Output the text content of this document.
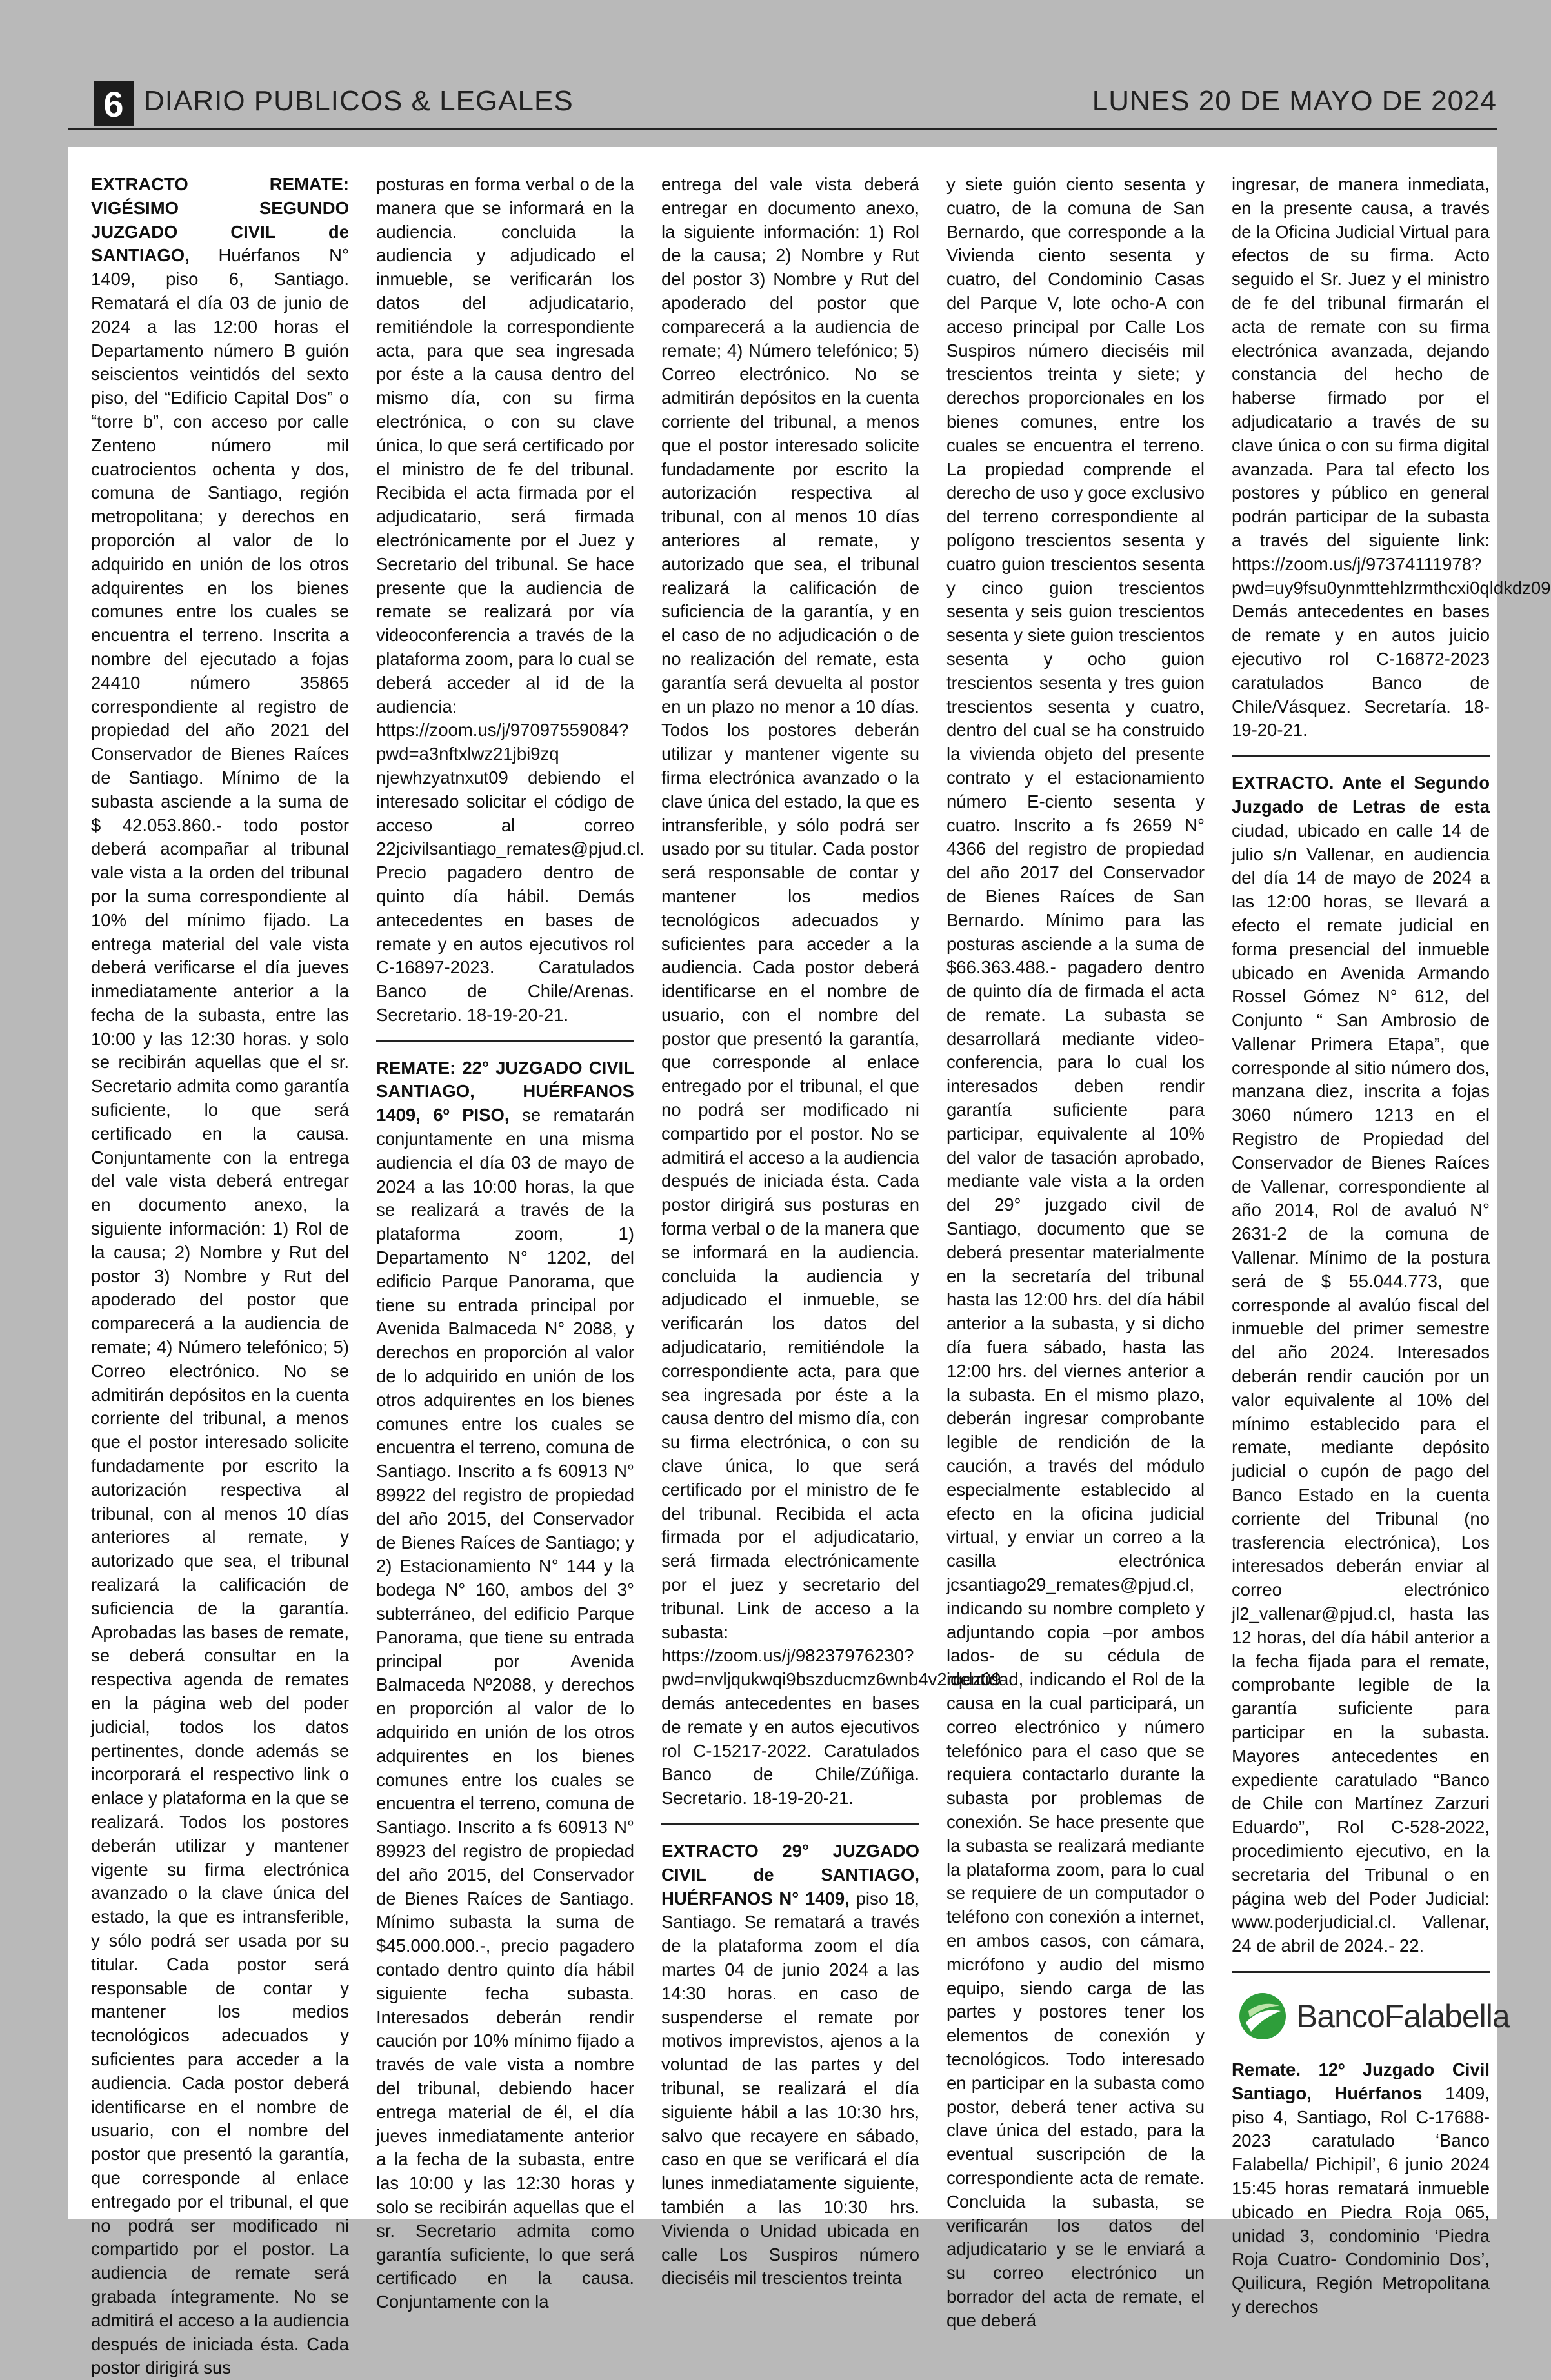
6 DIARIO PUBLICOS & LEGALES	LUNES 20 DE MAYO DE 2024

EXTRACTO REMATE: VIGÉSIMO SEGUNDO JUZGADO CIVIL de SANTIAGO, Huérfanos N° 1409, piso 6, Santiago. Rematará el día 03 de junio de 2024 a las 12:00 horas el Departamento número B guión seiscientos veintidós del sexto piso, del “Edificio Capital Dos” o “torre b”, con acceso por calle Zenteno número mil cuatrocientos ochenta y dos, comuna de Santiago, región metropolitana; y derechos en proporción al valor de lo adquirido en unión de los otros adquirentes en los bienes comunes entre los cuales se encuentra el terreno. Inscrita a nombre del ejecutado a fojas 24410 número 35865 correspondiente al registro de propiedad del año 2021 del Conservador de Bienes Raíces de Santiago. Mínimo de la subasta asciende a la suma de $ 42.053.860.- todo postor deberá acompañar al tribunal vale vista a la orden del tribunal por la suma correspondiente al 10% del mínimo fijado. La entrega material del vale vista deberá verificarse el día jueves inmediatamente anterior a la fecha de la subasta, entre las 10:00 y las 12:30 horas. y solo se recibirán aquellas que el sr. Secretario admita como garantía suficiente, lo que será certificado en la causa. Conjuntamente con la entrega del vale vista deberá entregar en documento anexo, la siguiente información: 1) Rol de la causa; 2) Nombre y Rut del postor 3) Nombre y Rut del apoderado del postor que comparecerá a la audiencia de remate; 4) Número telefónico; 5) Correo electrónico. No se admitirán depósitos en la cuenta corriente del tribunal, a menos que el postor interesado solicite fundadamente por escrito la autorización respectiva al tribunal, con al menos 10 días anteriores al remate, y autorizado que sea, el tribunal realizará la calificación de suficiencia de la garantía. Aprobadas las bases de remate, se deberá consultar en la respectiva agenda de remates en la página web del poder judicial, todos los datos pertinentes, donde además se incorporará el respectivo link o enlace y plataforma en la que se realizará. Todos los postores deberán utilizar y mantener vigente su firma electrónica avanzado o la clave única del estado, la que es intransferible, y sólo podrá ser usada por su titular. Cada postor será responsable de contar y mantener los medios tecnológicos adecuados y suficientes para acceder a la audiencia. Cada postor deberá identificarse en el nombre de usuario, con el nombre del postor que presentó la garantía, que corresponde al enlace entregado por el tribunal, el que no podrá ser modificado ni compartido por el postor. La audiencia de remate será grabada íntegramente. No se admitirá el acceso a la audiencia después de iniciada ésta. Cada postor dirigirá sus

posturas en forma verbal o de la manera que se informará en la audiencia. concluida la audiencia y adjudicado el inmueble, se verificarán los datos del adjudicatario, remitiéndole la correspondiente acta, para que sea ingresada por éste a la causa dentro del mismo día, con su firma electrónica, o con su clave única, lo que será certificado por el ministro de fe del tribunal. Recibida el acta firmada por el adjudicatario, será firmada electrónicamente por el Juez y Secretario del tribunal. Se hace presente que la audiencia de remate se realizará por vía videoconferencia a través de la plataforma zoom, para lo cual se deberá acceder al id de la audiencia: https://zoom.us/j/97097559084?pwd=a3nftxlwz21jbi9zq njewhzyatnxut09 debiendo el interesado solicitar el código de acceso al correo 22jcivilsantiago_remates@pjud.cl. Precio pagadero dentro de quinto día hábil. Demás antecedentes en bases de remate y en autos ejecutivos rol C-16897-2023. Caratulados Banco de Chile/Arenas. Secretario. 18-19-20-21.

REMATE: 22° JUZGADO CIVIL SANTIAGO, HUÉRFANOS 1409, 6º PISO, se rematarán conjuntamente en una misma audiencia el día 03 de mayo de 2024 a las 10:00 horas, la que se realizará a través de la plataforma zoom, 1) Departamento N° 1202, del edificio Parque Panorama, que tiene su entrada principal por Avenida Balmaceda N° 2088, y derechos en proporción al valor de lo adquirido en unión de los otros adquirentes en los bienes comunes entre los cuales se encuentra el terreno, comuna de Santiago. Inscrito a fs 60913 N° 89922 del registro de propiedad del año 2015, del Conservador de Bienes Raíces de Santiago; y 2) Estacionamiento N° 144 y la bodega N° 160, ambos del 3° subterráneo, del edificio Parque Panorama, que tiene su entrada principal por Avenida Balmaceda Nº2088, y derechos en proporción al valor de lo adquirido en unión de los otros adquirentes en los bienes comunes entre los cuales se encuentra el terreno, comuna de Santiago. Inscrito a fs 60913 N° 89923 del registro de propiedad del año 2015, del Conservador de Bienes Raíces de Santiago. Mínimo subasta la suma de $45.000.000.-, precio pagadero contado dentro quinto día hábil siguiente fecha subasta. Interesados deberán rendir caución por 10% mínimo fijado a través de vale vista a nombre del tribunal, debiendo hacer entrega material de él, el día jueves inmediatamente anterior a la fecha de la subasta, entre las 10:00 y las 12:30 horas y solo se recibirán aquellas que el sr. Secretario admita como garantía suficiente, lo que será certificado en la causa. Conjuntamente con la

entrega del vale vista deberá entregar en documento anexo, la siguiente información: 1) Rol de la causa; 2) Nombre y Rut del postor 3) Nombre y Rut del apoderado del postor que comparecerá a la audiencia de remate; 4) Número telefónico; 5) Correo electrónico. No se admitirán depósitos en la cuenta corriente del tribunal, a menos que el postor interesado solicite fundadamente por escrito la autorización respectiva al tribunal, con al menos 10 días anteriores al remate, y autorizado que sea, el tribunal realizará la calificación de suficiencia de la garantía, y en el caso de no adjudicación o de no realización del remate, esta garantía será devuelta al postor en un plazo no menor a 10 días. Todos los postores deberán utilizar y mantener vigente su firma electrónica avanzado o la clave única del estado, la que es intransferible, y sólo podrá ser usado por su titular. Cada postor será responsable de contar y mantener los medios tecnológicos adecuados y suficientes para acceder a la audiencia. Cada postor deberá identificarse en el nombre de usuario, con el nombre del postor que presentó la garantía, que corresponde al enlace entregado por el tribunal, el que no podrá ser modificado ni compartido por el postor. No se admitirá el acceso a la audiencia después de iniciada ésta. Cada postor dirigirá sus posturas en forma verbal o de la manera que se informará en la audiencia. concluida la audiencia y adjudicado el inmueble, se verificarán los datos del adjudicatario, remitiéndole la correspondiente acta, para que sea ingresada por éste a la causa dentro del mismo día, con su firma electrónica, o con su clave única, lo que será certificado por el ministro de fe del tribunal. Recibida el acta firmada por el adjudicatario, será firmada electrónicamente por el juez y secretario del tribunal. Link de acceso a la subasta: https://zoom.us/j/98237976230?pwd=nvljqukwqi9bszducmz6wnb4v2rqdz09 demás antecedentes en bases de remate y en autos ejecutivos rol C-15217-2022. Caratulados Banco de Chile/Zúñiga. Secretario. 18-19-20-21.

EXTRACTO 29° JUZGADO CIVIL de SANTIAGO, HUÉRFANOS N° 1409, piso 18, Santiago. Se rematará a través de la plataforma zoom el día martes 04 de junio 2024 a las 14:30 horas. en caso de suspenderse el remate por motivos imprevistos, ajenos a la voluntad de las partes y del tribunal, se realizará el día siguiente hábil a las 10:30 hrs, salvo que recayere en sábado, caso en que se verificará el día lunes inmediatamente siguiente, también a las 10:30 hrs. Vivienda o Unidad ubicada en calle Los Suspiros número dieciséis mil trescientos treinta

y siete guión ciento sesenta y cuatro, de la comuna de San Bernardo, que corresponde a la Vivienda ciento sesenta y cuatro, del Condominio Casas del Parque V, lote ocho-A con acceso principal por Calle Los Suspiros número dieciséis mil trescientos treinta y siete; y derechos proporcionales en los bienes comunes, entre los cuales se encuentra el terreno. La propiedad comprende el derecho de uso y goce exclusivo del terreno correspondiente al polígono trescientos sesenta y cuatro guion trescientos sesenta y cinco guion trescientos sesenta y seis guion trescientos sesenta y siete guion trescientos sesenta y ocho guion trescientos sesenta y tres guion trescientos sesenta y cuatro, dentro del cual se ha construido la vivienda objeto del presente contrato y el estacionamiento número E-ciento sesenta y cuatro. Inscrito a fs 2659 N° 4366 del registro de propiedad del año 2017 del Conservador de Bienes Raíces de San Bernardo. Mínimo para las posturas asciende a la suma de $66.363.488.- pagadero dentro de quinto día de firmada el acta de remate. La subasta se desarrollará mediante video-conferencia, para lo cual los interesados deben rendir garantía suficiente para participar, equivalente al 10% del valor de tasación aprobado, mediante vale vista a la orden del 29° juzgado civil de Santiago, documento que se deberá presentar materialmente en la secretaría del tribunal hasta las 12:00 hrs. del día hábil anterior a la subasta, y si dicho día fuera sábado, hasta las 12:00 hrs. del viernes anterior a la subasta. En el mismo plazo, deberán ingresar comprobante legible de rendición de la caución, a través del módulo especialmente establecido al efecto en la oficina judicial virtual, y enviar un correo a la casilla electrónica jcsantiago29_remates@pjud.cl, indicando su nombre completo y adjuntando copia –por ambos lados- de su cédula de identidad, indicando el Rol de la causa en la cual participará, un correo electrónico y número telefónico para el caso que se requiera contactarlo durante la subasta por problemas de conexión. Se hace presente que la subasta se realizará mediante la plataforma zoom, para lo cual se requiere de un computador o teléfono con conexión a internet, en ambos casos, con cámara, micrófono y audio del mismo equipo, siendo carga de las partes y postores tener los elementos de conexión y tecnológicos. Todo interesado en participar en la subasta como postor, deberá tener activa su clave única del estado, para la eventual suscripción de la correspondiente acta de remate. Concluida la subasta, se verificarán los datos del adjudicatario y se le enviará a su correo electrónico un borrador del acta de remate, el que deberá

ingresar, de manera inmediata, en la presente causa, a través de la Oficina Judicial Virtual para efectos de su firma. Acto seguido el Sr. Juez y el ministro de fe del tribunal firmarán el acta de remate con su firma electrónica avanzada, dejando constancia del hecho de haberse firmado por el adjudicatario a través de su clave única o con su firma digital avanzada. Para tal efecto los postores y público en general podrán participar de la subasta a través del siguiente link: https://zoom.us/j/97374111978?pwd=uy9fsu0ynmttehlzrmthcxi0qldkdz09 Demás antecedentes en bases de remate y en autos juicio ejecutivo rol C-16872-2023 caratulados Banco de Chile/Vásquez. Secretaría. 18-19-20-21.

EXTRACTO. Ante el Segundo Juzgado de Letras de esta ciudad, ubicado en calle 14 de julio s/n Vallenar, en audiencia del día 14 de mayo de 2024 a las 12:00 horas, se llevará a efecto el remate judicial en forma presencial del inmueble ubicado en Avenida Armando Rossel Gómez N° 612, del Conjunto “ San Ambrosio de Vallenar Primera Etapa”, que corresponde al sitio número dos, manzana diez, inscrita a fojas 3060 número 1213 en el Registro de Propiedad del Conservador de Bienes Raíces de Vallenar, correspondiente al año 2014, Rol de avaluó N° 2631-2 de la comuna de Vallenar. Mínimo de la postura será de $ 55.044.773, que corresponde al avalúo fiscal del inmueble del primer semestre del año 2024. Interesados deberán rendir caución por un valor equivalente al 10% del mínimo establecido para el remate, mediante depósito judicial o cupón de pago del Banco Estado en la cuenta corriente del Tribunal (no trasferencia electrónica), Los interesados deberán enviar al correo electrónico jl2_vallenar@pjud.cl, hasta las 12 horas, del día hábil anterior a la fecha fijada para el remate, comprobante legible de la garantía suficiente para participar en la subasta. Mayores antecedentes en expediente caratulado “Banco de Chile con Martínez Zarzuri Eduardo”, Rol C-528-2022, procedimiento ejecutivo, en la secretaria del Tribunal o en página web del Poder Judicial: www.poderjudicial.cl. Vallenar, 24 de abril de 2024.- 22.

BancoFalabella

Remate. 12º Juzgado Civil Santiago, Huérfanos 1409, piso 4, Santiago, Rol C-17688-2023 caratulado ‘Banco Falabella/ Pichipil’, 6 junio 2024 15:45 horas rematará inmueble ubicado en Piedra Roja 065, unidad 3, condominio ‘Piedra Roja Cuatro- Condominio Dos’, Quilicura, Región Metropolitana y derechos
